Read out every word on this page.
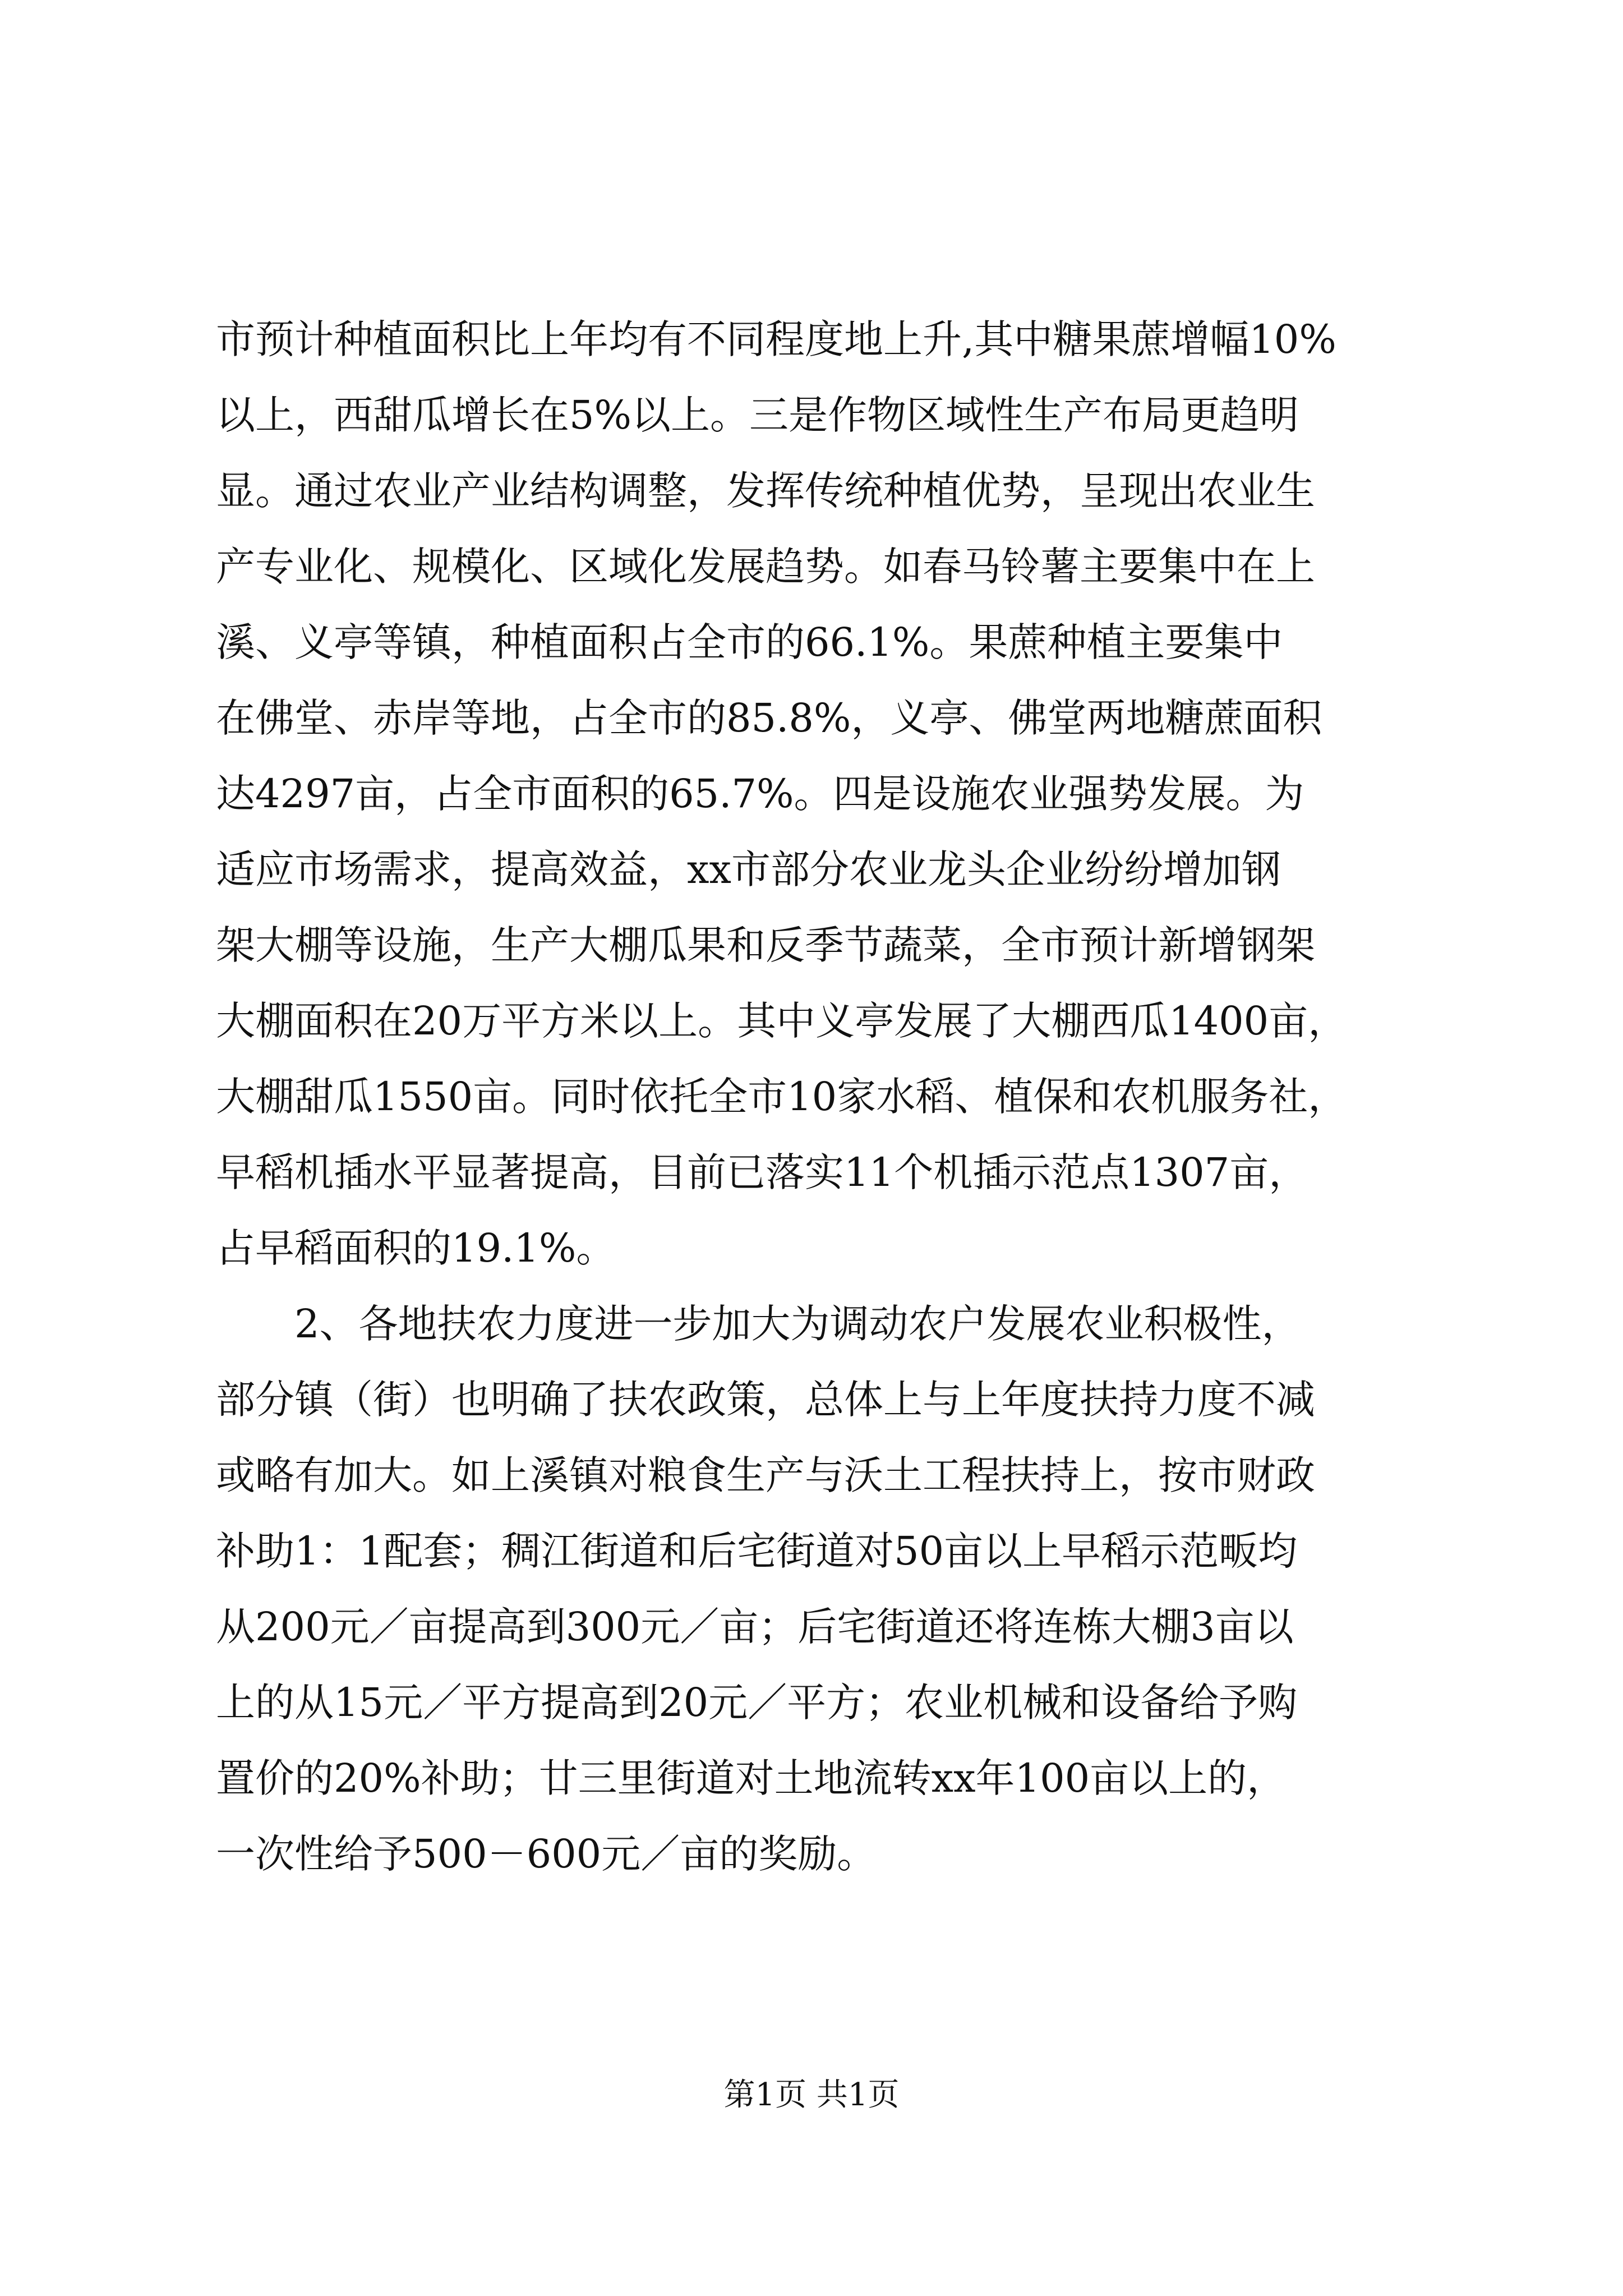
市预计种植面积比上年均有不同程度地上升,其中糖果蔗增幅10%
以上，西甜瓜增长在5%以上。三是作物区域性生产布局更趋明
显。通过农业产业结构调整，发挥传统种植优势，呈现出农业生
产专业化、规模化、区域化发展趋势。如春马铃薯主要集中在上
溪、义亭等镇，种植面积占全市的66.1%。果蔗种植主要集中
在佛堂、赤岸等地，占全市的85.8%，义亭、佛堂两地糖蔗面积
达4297亩，占全市面积的65.7%。四是设施农业强势发展。为
适应市场需求，提高效益，xx市部分农业龙头企业纷纷增加钢
架大棚等设施，生产大棚瓜果和反季节蔬菜，全市预计新增钢架
大棚面积在20万平方米以上。其中义亭发展了大棚西瓜1400亩，
大棚甜瓜1550亩。同时依托全市10家水稻、植保和农机服务社，
早稻机插水平显著提高，目前已落实11个机插示范点1307亩，
占早稻面积的19.1%。
2、各地扶农力度进一步加大为调动农户发展农业积极性，
部分镇（街）也明确了扶农政策，总体上与上年度扶持力度不减
或略有加大。如上溪镇对粮食生产与沃土工程扶持上，按市财政
补助1：1配套；稠江街道和后宅街道对50亩以上早稻示范畈均
从200元／亩提高到300元／亩；后宅街道还将连栋大棚3亩以
上的从15元／平方提高到20元／平方；农业机械和设备给予购
置价的20%补助；廿三里街道对土地流转xx年100亩以上的，
一次性给予500－600元／亩的奖励。
第1页 共1页
